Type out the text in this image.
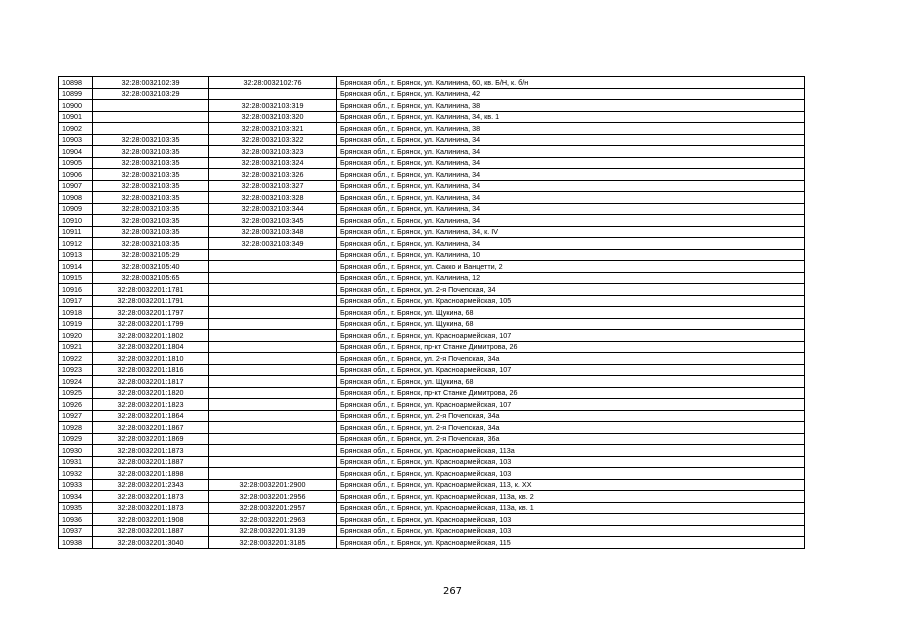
10898	32:28:0032102:39	32:28:0032102:76	Брянская обл., г. Брянск, ул. Калинина, 60, кв. Б/Н, к. б/н
10899	32:28:0032103:29		Брянская обл., г. Брянск, ул. Калинина, 42
10900		32:28:0032103:319	Брянская обл., г. Брянск, ул. Калинина, 38
10901		32:28:0032103:320	Брянская обл., г. Брянск, ул. Калинина, 34, кв. 1
10902		32:28:0032103:321	Брянская обл., г. Брянск, ул. Калинина, 38
10903	32:28:0032103:35	32:28:0032103:322	Брянская обл., г. Брянск, ул. Калинина, 34
10904	32:28:0032103:35	32:28:0032103:323	Брянская обл., г. Брянск, ул. Калинина, 34
10905	32:28:0032103:35	32:28:0032103:324	Брянская обл., г. Брянск, ул. Калинина, 34
10906	32:28:0032103:35	32:28:0032103:326	Брянская обл., г. Брянск, ул. Калинина, 34
10907	32:28:0032103:35	32:28:0032103:327	Брянская обл., г. Брянск, ул. Калинина, 34
10908	32:28:0032103:35	32:28:0032103:328	Брянская обл., г. Брянск, ул. Калинина, 34
10909	32:28:0032103:35	32:28:0032103:344	Брянская обл., г. Брянск, ул. Калинина, 34
10910	32:28:0032103:35	32:28:0032103:345	Брянская обл., г. Брянск, ул. Калинина, 34
10911	32:28:0032103:35	32:28:0032103:348	Брянская обл., г. Брянск, ул. Калинина, 34, к. IV
10912	32:28:0032103:35	32:28:0032103:349	Брянская обл., г. Брянск, ул. Калинина, 34
10913	32:28:0032105:29		Брянская обл., г. Брянск, ул. Калинина, 10
10914	32:28:0032105:40		Брянская обл., г. Брянск, ул. Сакко и Ванцетти, 2
10915	32:28:0032105:65		Брянская обл., г. Брянск, ул. Калинина, 12
10916	32:28:0032201:1781		Брянская обл., г. Брянск, ул. 2-я Почепская, 34
10917	32:28:0032201:1791		Брянская обл., г. Брянск, ул. Красноармейская, 105
10918	32:28:0032201:1797		Брянская обл., г. Брянск, ул. Щукина, 68
10919	32:28:0032201:1799		Брянская обл., г. Брянск, ул. Щукина, 68
10920	32:28:0032201:1802		Брянская обл., г. Брянск, ул. Красноармейская, 107
10921	32:28:0032201:1804		Брянская обл., г. Брянск, пр-кт Станке Димитрова, 26
10922	32:28:0032201:1810		Брянская обл., г. Брянск, ул. 2-я Почепская, 34а
10923	32:28:0032201:1816		Брянская обл., г. Брянск, ул. Красноармейская, 107
10924	32:28:0032201:1817		Брянская обл., г. Брянск, ул. Щукина, 68
10925	32:28:0032201:1820		Брянская обл., г. Брянск, пр-кт Станке Димитрова, 26
10926	32:28:0032201:1823		Брянская обл., г. Брянск, ул. Красноармейская, 107
10927	32:28:0032201:1864		Брянская обл., г. Брянск, ул. 2-я Почепская, 34а
10928	32:28:0032201:1867		Брянская обл., г. Брянск, ул. 2-я Почепская, 34а
10929	32:28:0032201:1869		Брянская обл., г. Брянск, ул. 2-я Почепская, 36а
10930	32:28:0032201:1873		Брянская обл., г. Брянск, ул. Красноармейская, 113а
10931	32:28:0032201:1887		Брянская обл., г. Брянск, ул. Красноармейская, 103
10932	32:28:0032201:1898		Брянская обл., г. Брянск, ул. Красноармейская, 103
10933	32:28:0032201:2343	32:28:0032201:2900	Брянская обл., г. Брянск, ул. Красноармейская, 113, к. XX
10934	32:28:0032201:1873	32:28:0032201:2956	Брянская обл., г. Брянск, ул. Красноармейская, 113а, кв. 2
10935	32:28:0032201:1873	32:28:0032201:2957	Брянская обл., г. Брянск, ул. Красноармейская, 113а, кв. 1
10936	32:28:0032201:1908	32:28:0032201:2963	Брянская обл., г. Брянск, ул. Красноармейская, 103
10937	32:28:0032201:1887	32:28:0032201:3139	Брянская обл., г. Брянск, ул. Красноармейская, 103
10938	32:28:0032201:3040	32:28:0032201:3185	Брянская обл., г. Брянск, ул. Красноармейская, 115
267
